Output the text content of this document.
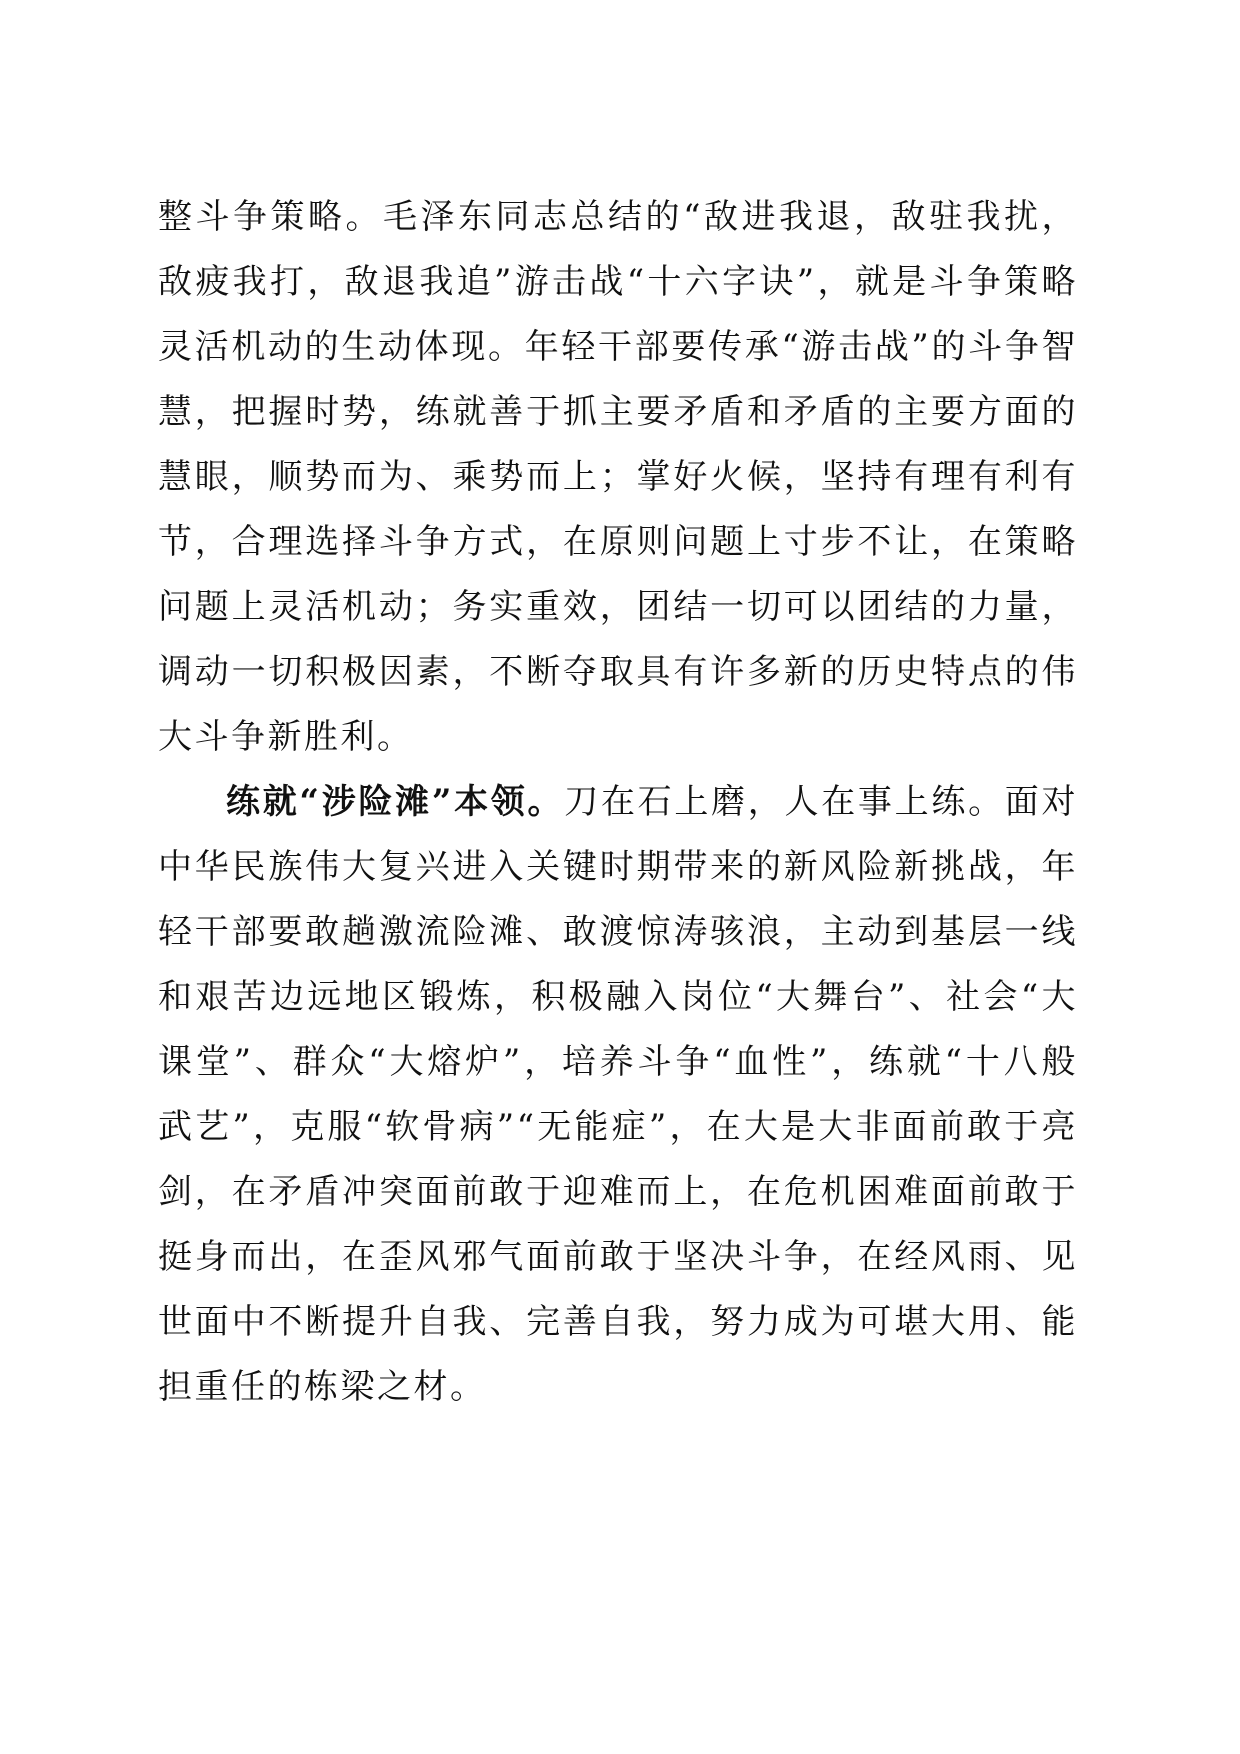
整斗争策略。毛泽东同志总结的“敌进我退，敌驻我扰，敌疲我打，敌退我追”游击战“十六字诀”，就是斗争策略灵活机动的生动体现。年轻干部要传承“游击战”的斗争智慧，把握时势，练就善于抓主要矛盾和矛盾的主要方面的慧眼，顺势而为、乘势而上；掌好火候，坚持有理有利有节，合理选择斗争方式，在原则问题上寸步不让，在策略问题上灵活机动；务实重效，团结一切可以团结的力量，调动一切积极因素，不断夺取具有许多新的历史特点的伟大斗争新胜利。

练就“涉险滩”本领。刀在石上磨，人在事上练。面对中华民族伟大复兴进入关键时期带来的新风险新挑战，年轻干部要敢趟激流险滩、敢渡惊涛骇浪，主动到基层一线和艰苦边远地区锻炼，积极融入岗位“大舞台”、社会“大课堂”、群众“大熔炉”，培养斗争“血性”，练就“十八般武艺”，克服“软骨病”“无能症”，在大是大非面前敢于亮剑，在矛盾冲突面前敢于迎难而上，在危机困难面前敢于挺身而出，在歪风邪气面前敢于坚决斗争，在经风雨、见世面中不断提升自我、完善自我，努力成为可堪大用、能担重任的栋梁之材。
